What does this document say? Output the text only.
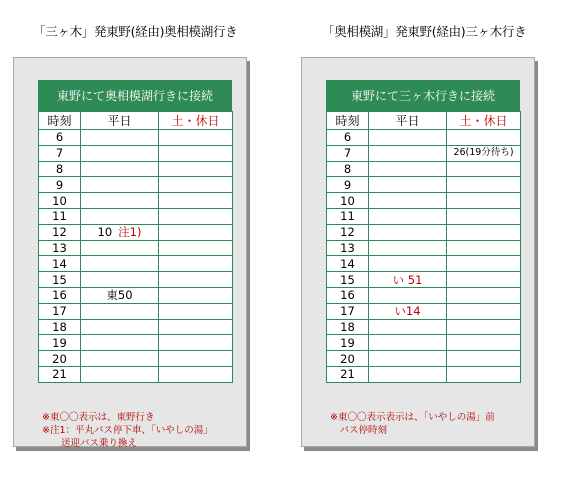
「三ヶ木」発東野(経由)奥相模湖行き	「奥相模湖」発東野(経由)三ヶ木行き
東野にて奥相模湖行きに接続
時刻	平日	土・休日
6		
7		
8		
9		
10		
11		
12	10 注1)	
13		
14		
15		
16	東50	
17		
18		
19		
20		
21		
※東〇〇表示は、東野行き
※注1：平丸バス停下車、「いやしの湯」
　　送迎バス乗り換え
東野にて三ヶ木行きに接続
時刻	平日	土・休日
6		
7		26(19分待ち)
8		
9		
10		
11		
12		
13		
14		
15	い 51	
16		
17	い14	
18		
19		
20		
21		
※東〇〇表示表示は、「いやしの湯」前
　バス停時刻
